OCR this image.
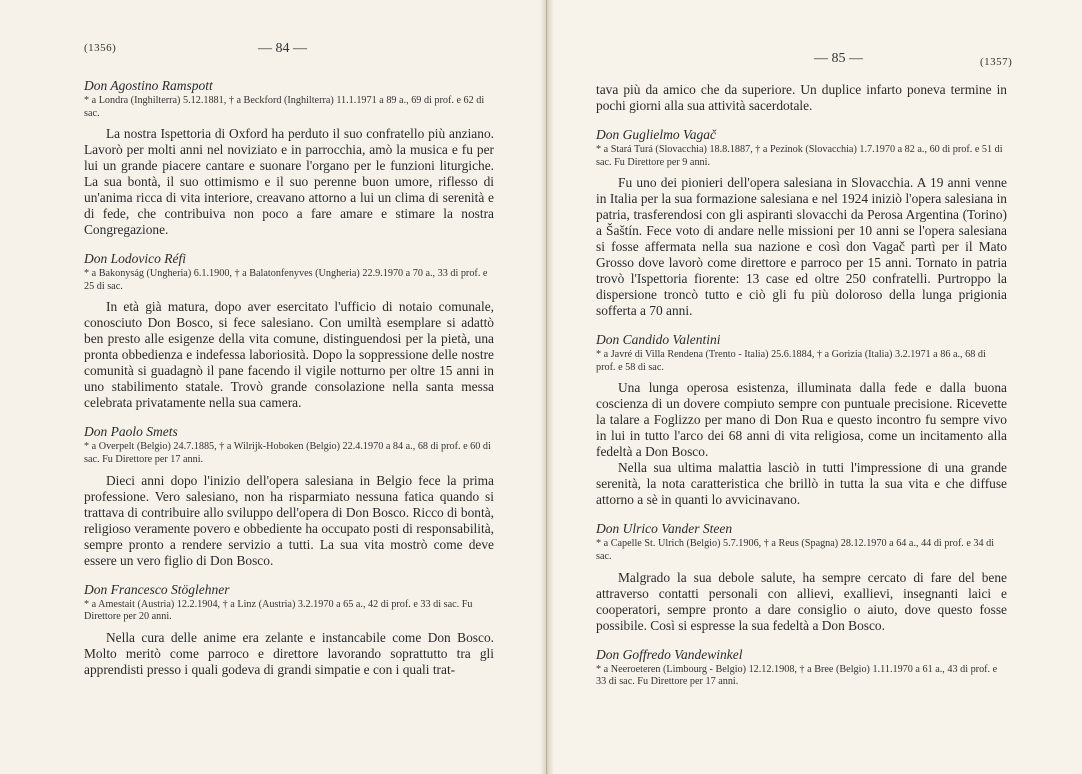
(1356)	— 84 —

Don Agostino Ramspott

* a Londra (Inghilterra) 5.12.1881, † a Beckford (Inghilterra) 11.1.1971 a 89 a., 69 di prof. e 62 di sac.

La nostra Ispettoria di Oxford ha perduto il suo confratello più anziano. Lavorò per molti anni nel noviziato e in parrocchia, amò la musica e fu per lui un grande piacere cantare e suonare l'organo per le funzioni liturgiche. La sua bontà, il suo ottimismo e il suo perenne buon umore, riflesso di un'anima ricca di vita interiore, creavano attorno a lui un clima di serenità e di fede, che contribuiva non poco a fare amare e stimare la nostra Congregazione.

Don Lodovico Réfi

* a Bakonyság (Ungheria) 6.1.1900, † a Balatonfenyves (Ungheria) 22.9.1970 a 70 a., 33 di prof. e 25 di sac.

In età già matura, dopo aver esercitato l'ufficio di notaio comunale, conosciuto Don Bosco, si fece salesiano. Con umiltà esemplare si adattò ben presto alle esigenze della vita comune, distinguendosi per la pietà, una pronta obbedienza e indefessa laboriosità. Dopo la soppressione delle nostre comunità si guadagnò il pane facendo il vigile notturno per oltre 15 anni in uno stabilimento statale. Trovò grande consolazione nella santa messa celebrata privatamente nella sua camera.

Don Paolo Smets

* a Overpelt (Belgio) 24.7.1885, † a Wilrijk-Hoboken (Belgio) 22.4.1970 a 84 a., 68 di prof. e 60 di sac. Fu Direttore per 17 anni.

Dieci anni dopo l'inizio dell'opera salesiana in Belgio fece la prima professione. Vero salesiano, non ha risparmiato nessuna fatica quando si trattava di contribuire allo sviluppo dell'opera di Don Bosco. Ricco di bontà, religioso veramente povero e obbediente ha occupato posti di responsabilità, sempre pronto a rendere servizio a tutti. La sua vita mostrò come deve essere un vero figlio di Don Bosco.

Don Francesco Stöglehner

* a Amestait (Austria) 12.2.1904, † a Linz (Austria) 3.2.1970 a 65 a., 42 di prof. e 33 di sac. Fu Direttore per 20 anni.

Nella cura delle anime era zelante e instancabile come Don Bosco. Molto meritò come parroco e direttore lavorando soprattutto tra gli apprendisti presso i quali godeva di grandi simpatie e con i quali trat-

— 85 —	(1357)

tava più da amico che da superiore. Un duplice infarto poneva termine in pochi giorni alla sua attività sacerdotale.

Don Guglielmo Vagač

* a Stará Turá (Slovacchia) 18.8.1887, † a Pezinok (Slovacchia) 1.7.1970 a 82 a., 60 di prof. e 51 di sac. Fu Direttore per 9 anni.

Fu uno dei pionieri dell'opera salesiana in Slovacchia. A 19 anni venne in Italia per la sua formazione salesiana e nel 1924 iniziò l'opera salesiana in patria, trasferendosi con gli aspiranti slovacchi da Perosa Argentina (Torino) a Šaštín. Fece voto di andare nelle missioni per 10 anni se l'opera salesiana si fosse affermata nella sua nazione e così don Vagač partì per il Mato Grosso dove lavorò come direttore e parroco per 15 anni. Tornato in patria trovò l'Ispettoria fiorente: 13 case ed oltre 250 confratelli. Purtroppo la dispersione troncò tutto e ciò gli fu più doloroso della lunga prigionia sofferta a 70 anni.

Don Candido Valentini

* a Javré di Villa Rendena (Trento - Italia) 25.6.1884, † a Gorizia (Italia) 3.2.1971 a 86 a., 68 di prof. e 58 di sac.

Una lunga operosa esistenza, illuminata dalla fede e dalla buona coscienza di un dovere compiuto sempre con puntuale precisione. Ricevette la talare a Foglizzo per mano di Don Rua e questo incontro fu sempre vivo in lui in tutto l'arco dei 68 anni di vita religiosa, come un incitamento alla fedeltà a Don Bosco.

Nella sua ultima malattia lasciò in tutti l'impressione di una grande serenità, la nota caratteristica che brillò in tutta la sua vita e che diffuse attorno a sè in quanti lo avvicinavano.

Don Ulrico Vander Steen

* a Capelle St. Ulrich (Belgio) 5.7.1906, † a Reus (Spagna) 28.12.1970 a 64 a., 44 di prof. e 34 di sac.

Malgrado la sua debole salute, ha sempre cercato di fare del bene attraverso contatti personali con allievi, exallievi, insegnanti laici e cooperatori, sempre pronto a dare consiglio o aiuto, dove questo fosse possibile. Così si espresse la sua fedeltà a Don Bosco.

Don Goffredo Vandewinkel

* a Neeroeteren (Limbourg - Belgio) 12.12.1908, † a Bree (Belgio) 1.11.1970 a 61 a., 43 di prof. e 33 di sac. Fu Direttore per 17 anni.
